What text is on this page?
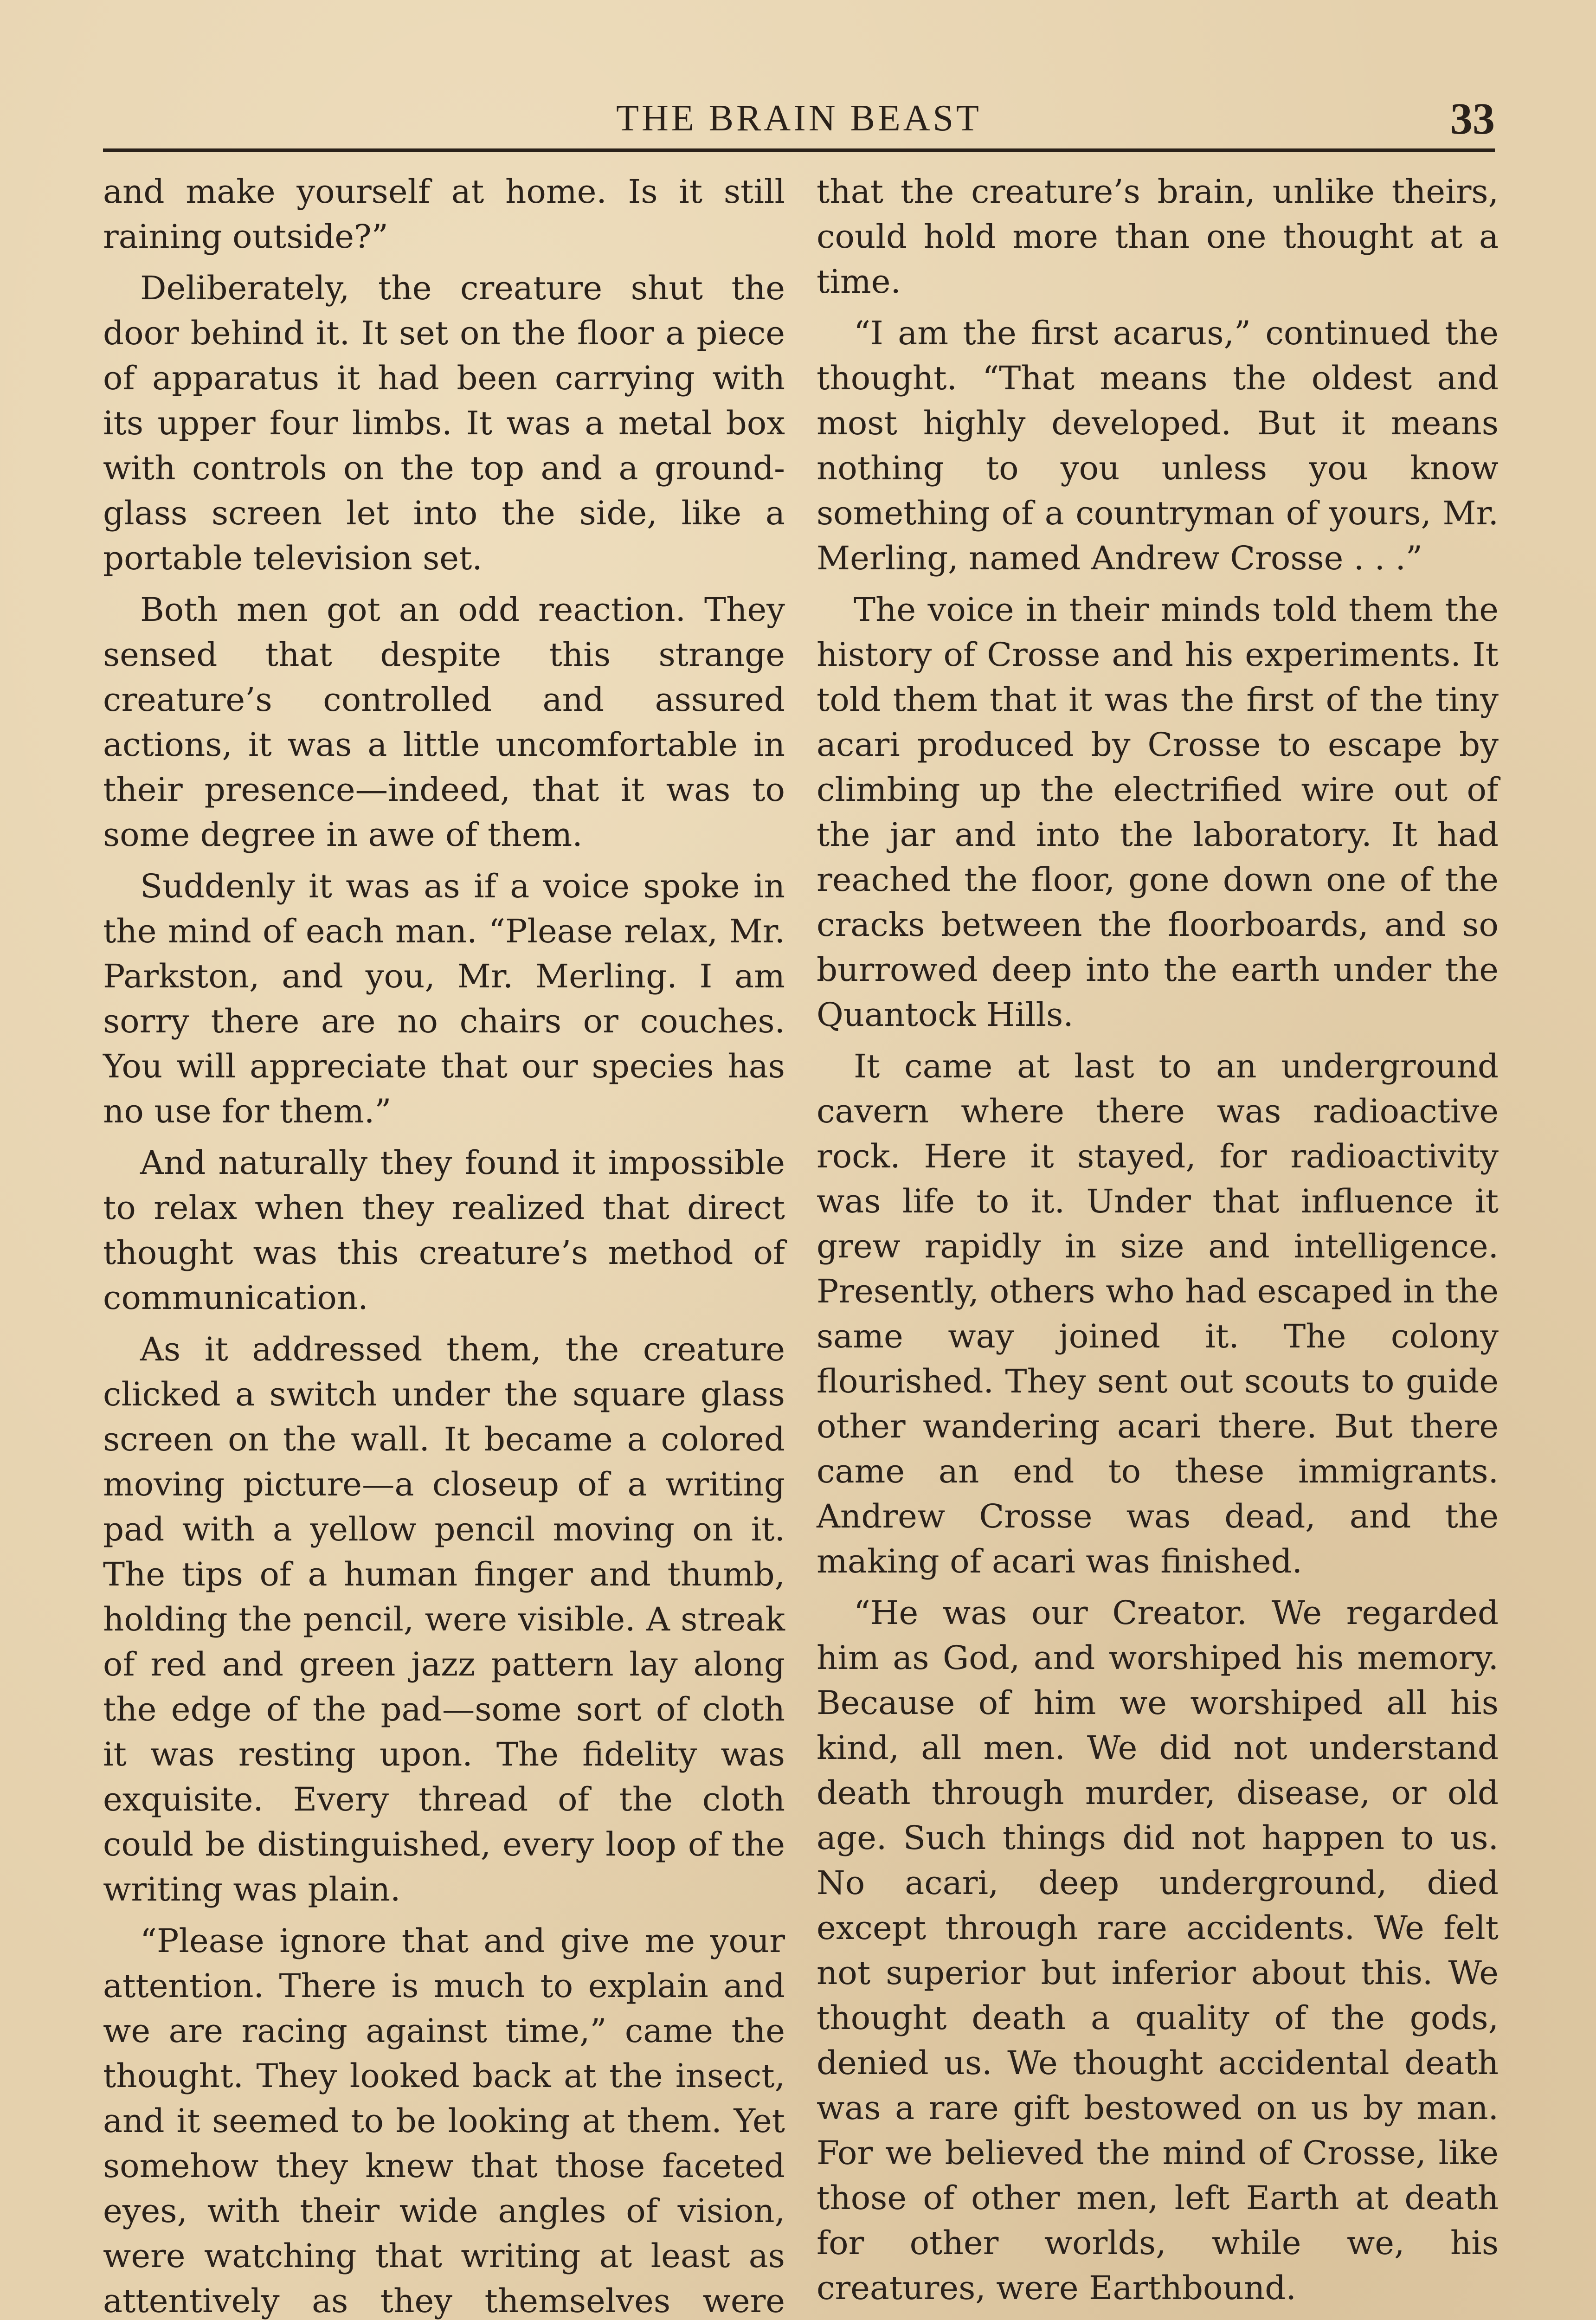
THE BRAIN BEAST	33

and make yourself at home. Is it still raining outside?”

Deliberately, the creature shut the door behind it. It set on the floor a piece of apparatus it had been carrying with its upper four limbs. It was a metal box with controls on the top and a ground-glass screen let into the side, like a portable television set.

Both men got an odd reaction. They sensed that despite this strange creature’s controlled and assured actions, it was a little uncomfortable in their presence—indeed, that it was to some degree in awe of them.

Suddenly it was as if a voice spoke in the mind of each man. “Please relax, Mr. Parkston, and you, Mr. Merling. I am sorry there are no chairs or couches. You will appreciate that our species has no use for them.”

And naturally they found it impossible to relax when they realized that direct thought was this creature’s method of communication.

As it addressed them, the creature clicked a switch under the square glass screen on the wall. It became a colored moving picture—a closeup of a writing pad with a yellow pencil moving on it. The tips of a human finger and thumb, holding the pencil, were visible. A streak of red and green jazz pattern lay along the edge of the pad—some sort of cloth it was resting upon. The fidelity was exquisite. Every thread of the cloth could be distinguished, every loop of the writing was plain.

“Please ignore that and give me your attention. There is much to explain and we are racing against time,” came the thought. They looked back at the insect, and it seemed to be looking at them. Yet somehow they knew that those faceted eyes, with their wide angles of vision, were watching that writing at least as attentively as they themselves were

that the creature’s brain, unlike theirs, could hold more than one thought at a time.

“I am the first acarus,” continued the thought. “That means the oldest and most highly developed. But it means nothing to you unless you know something of a countryman of yours, Mr. Merling, named Andrew Crosse . . .”

The voice in their minds told them the history of Crosse and his experiments. It told them that it was the first of the tiny acari produced by Crosse to escape by climbing up the electrified wire out of the jar and into the laboratory. It had reached the floor, gone down one of the cracks between the floorboards, and so burrowed deep into the earth under the Quantock Hills.

It came at last to an underground cavern where there was radioactive rock. Here it stayed, for radioactivity was life to it. Under that influence it grew rapidly in size and intelligence. Presently, others who had escaped in the same way joined it. The colony flourished. They sent out scouts to guide other wandering acari there. But there came an end to these immigrants. Andrew Crosse was dead, and the making of acari was finished.

“He was our Creator. We regarded him as God, and worshiped his memory. Because of him we worshiped all his kind, all men. We did not understand death through murder, disease, or old age. Such things did not happen to us. No acari, deep underground, died except through rare accidents. We felt not superior but inferior about this. We thought death a quality of the gods, denied us. We thought accidental death was a rare gift bestowed on us by man. For we believed the mind of Crosse, like those of other men, left Earth at death for other worlds, while we, his creatures, were Earthbound.
